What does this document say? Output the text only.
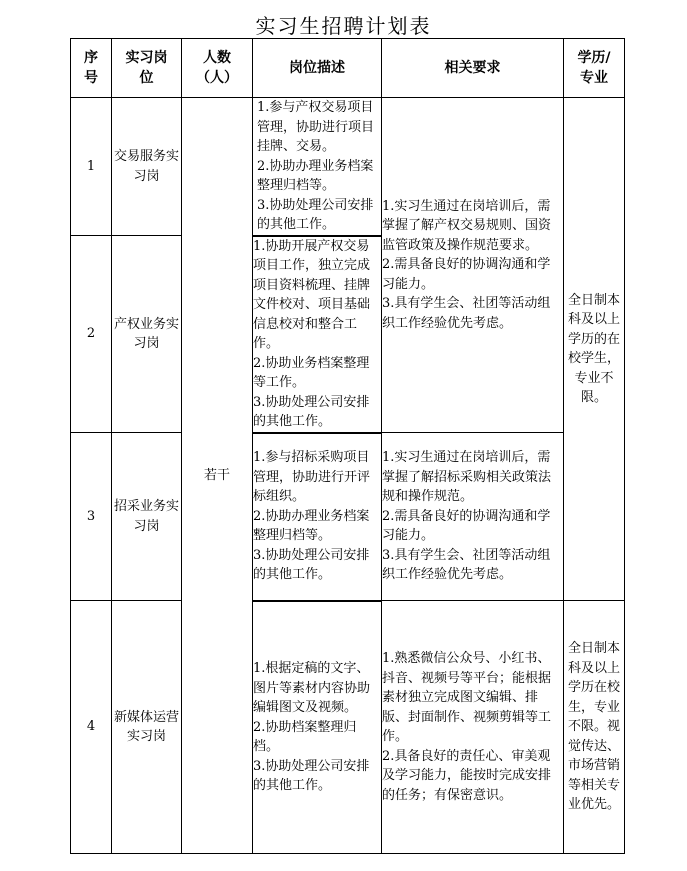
实习生招聘计划表
序号	实习岗位	人数（人）	岗位描述	相关要求	学历/专业
1	交易服务实习岗	若干	1.参与产权交易项目管理，协助进行项目挂牌、交易。
2.协助办理业务档案整理归档等。
3.协助处理公司安排的其他工作。	1.实习生通过在岗培训后，需掌握了解产权交易规则、国资监管政策及操作规范要求。
2.需具备良好的协调沟通和学习能力。
3.具有学生会、社团等活动组织工作经验优先考虑。	全日制本科及以上学历的在校学生，专业不限。
2	产权业务实习岗		1.协助开展产权交易项目工作，独立完成项目资料梳理、挂牌文件校对、项目基础信息校对和整合工作。
2.协助业务档案整理等工作。
3.协助处理公司安排的其他工作。		

3	招采业务实习岗		1.参与招标采购项目管理，协助进行开评标组织。
2.协助办理业务档案整理归档等。
3.协助处理公司安排的其他工作。	1.实习生通过在岗培训后，需掌握了解招标采购相关政策法规和操作规范。
2.需具备良好的协调沟通和学习能力。
3.具有学生会、社团等活动组织工作经验优先考虑。	

4	新媒体运营实习岗		1.根据定稿的文字、图片等素材内容协助编辑图文及视频。
2.协助档案整理归档。
3.协助处理公司安排的其他工作。	1.熟悉微信公众号、小红书、抖音、视频号等平台；能根据素材独立完成图文编辑、排版、封面制作、视频剪辑等工作。
2.具备良好的责任心、审美观及学习能力，能按时完成安排的任务；有保密意识。	全日制本科及以上学历在校生，专业不限。视觉传达、市场营销等相关专业优先。
